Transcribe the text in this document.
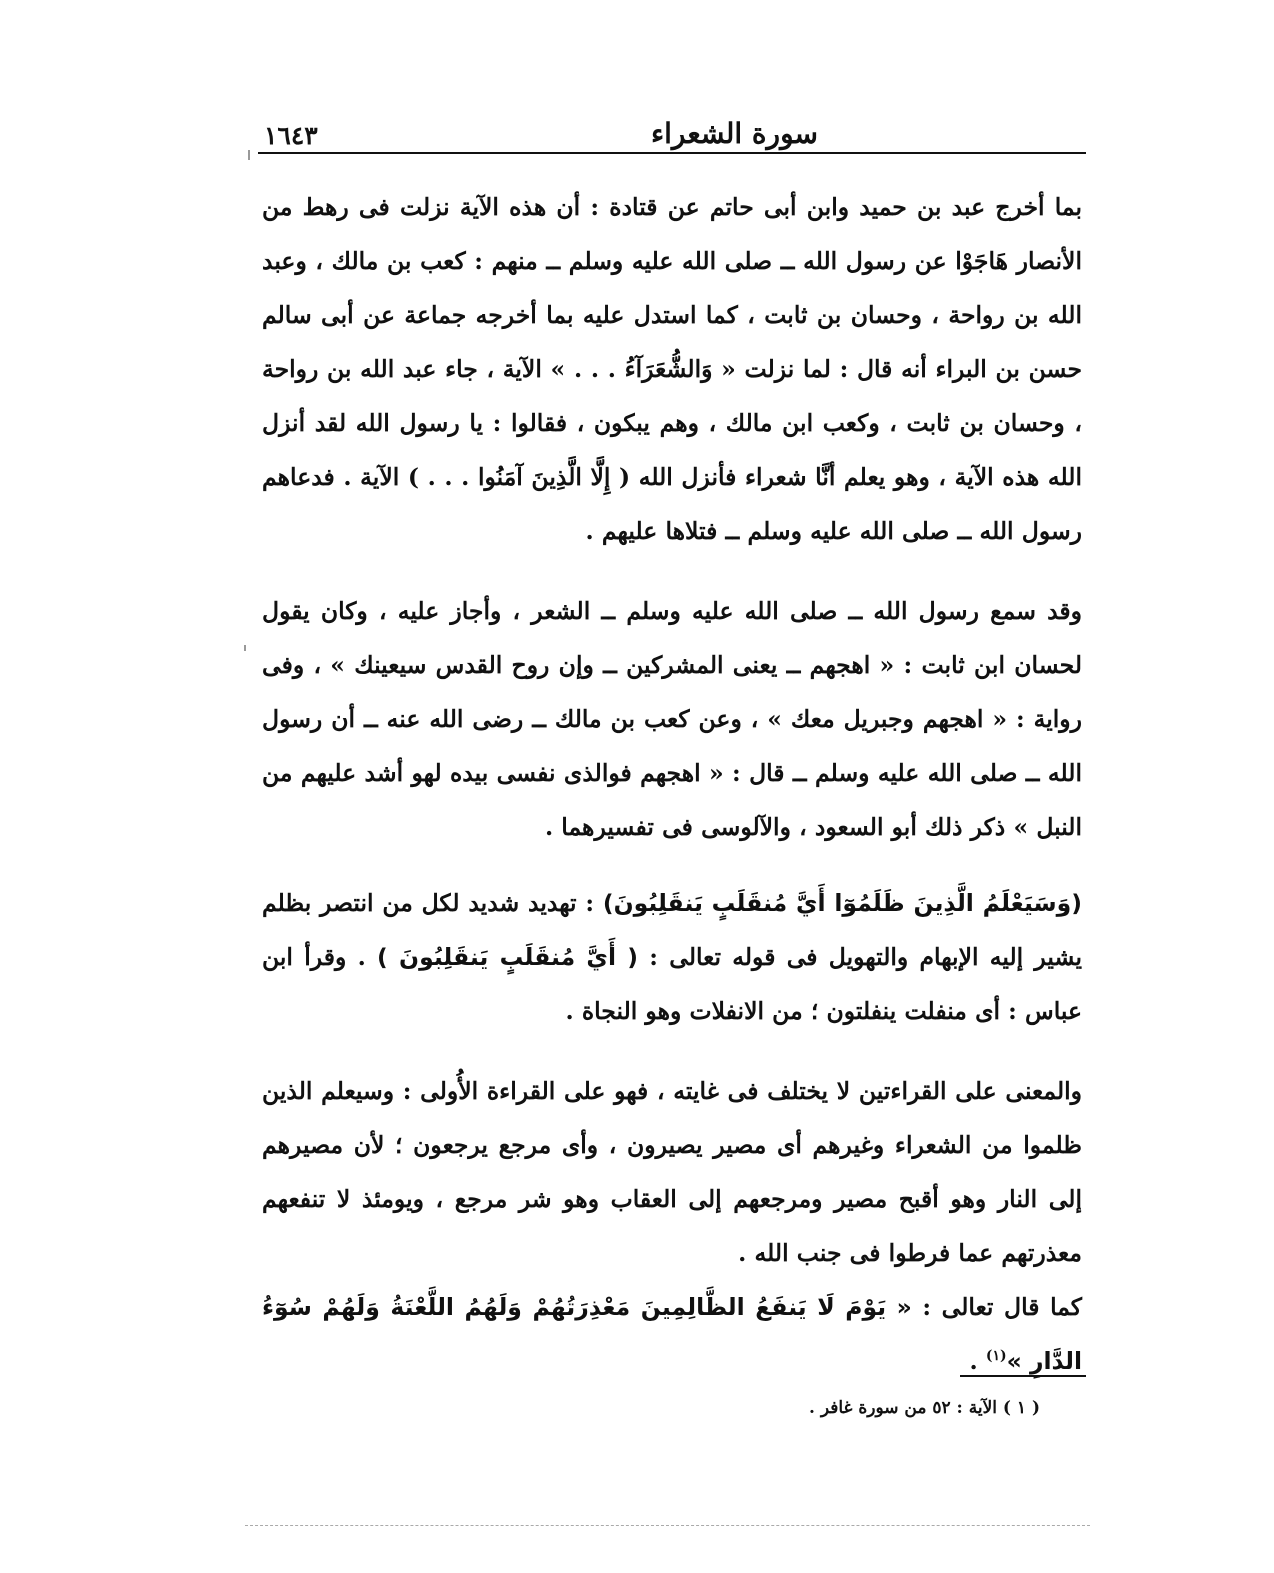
١٦٤٣	سورة الشعراء

بما أخرج عبد بن حميد وابن أبى حاتم عن قتادة : أن هذه الآية نزلت فى رهط من الأنصار هَاجَوْا عن رسول الله ــ صلى الله عليه وسلم ــ منهم : كعب بن مالك ، وعبد الله بن رواحة ، وحسان بن ثابت ، كما استدل عليه بما أخرجه جماعة عن أبى سالم حسن بن البراء أنه قال : لما نزلت « وَالشُّعَرَآءُ . . . » الآية ، جاء عبد الله بن رواحة ، وحسان بن ثابت ، وكعب ابن مالك ، وهم يبكون ، فقالوا : يا رسول الله لقد أنزل الله هذه الآية ، وهو يعلم أنَّا شعراء فأنزل الله ( إِلَّا الَّذِينَ آمَنُوا . . . ) الآية . فدعاهم رسول الله ــ صلى الله عليه وسلم ــ فتلاها عليهم .

وقد سمع رسول الله ــ صلى الله عليه وسلم ــ الشعر ، وأجاز عليه ، وكان يقول لحسان ابن ثابت : « اهجهم ــ يعنى المشركين ــ وإن روح القدس سيعينك » ، وفى رواية : « اهجهم وجبريل معك » ، وعن كعب بن مالك ــ رضى الله عنه ــ أن رسول الله ــ صلى الله عليه وسلم ــ قال : « اهجهم فوالذى نفسى بيده لهو أشد عليهم من النبل » ذكر ذلك أبو السعود ، والآلوسى فى تفسيرهما .

(وَسَيَعْلَمُ الَّذِينَ ظَلَمُوٓا أَيَّ مُنقَلَبٍ يَنقَلِبُونَ) : تهديد شديد لكل من انتصر بظلم يشير إليه الإبهام والتهويل فى قوله تعالى : ( أَيَّ مُنقَلَبٍ يَنقَلِبُونَ ) . وقرأ ابن عباس : أى منفلت ينفلتون ؛ من الانفلات وهو النجاة .

والمعنى على القراءتين لا يختلف فى غايته ، فهو على القراءة الأُولى : وسيعلم الذين ظلموا من الشعراء وغيرهم أى مصير يصيرون ، وأى مرجع يرجعون ؛ لأن مصيرهم إلى النار وهو أقبح مصير ومرجعهم إلى العقاب وهو شر مرجع ، ويومئذ لا تنفعهم معذرتهم عما فرطوا فى جنب الله .

كما قال تعالى : « يَوْمَ لَا يَنفَعُ الظَّالِمِينَ مَعْذِرَتُهُمْ وَلَهُمُ اللَّعْنَةُ وَلَهُمْ سُوٓءُ الدَّارِ »$^{(١)}$ .

( ١ ) الآية : ٥٢ من سورة غافر .
